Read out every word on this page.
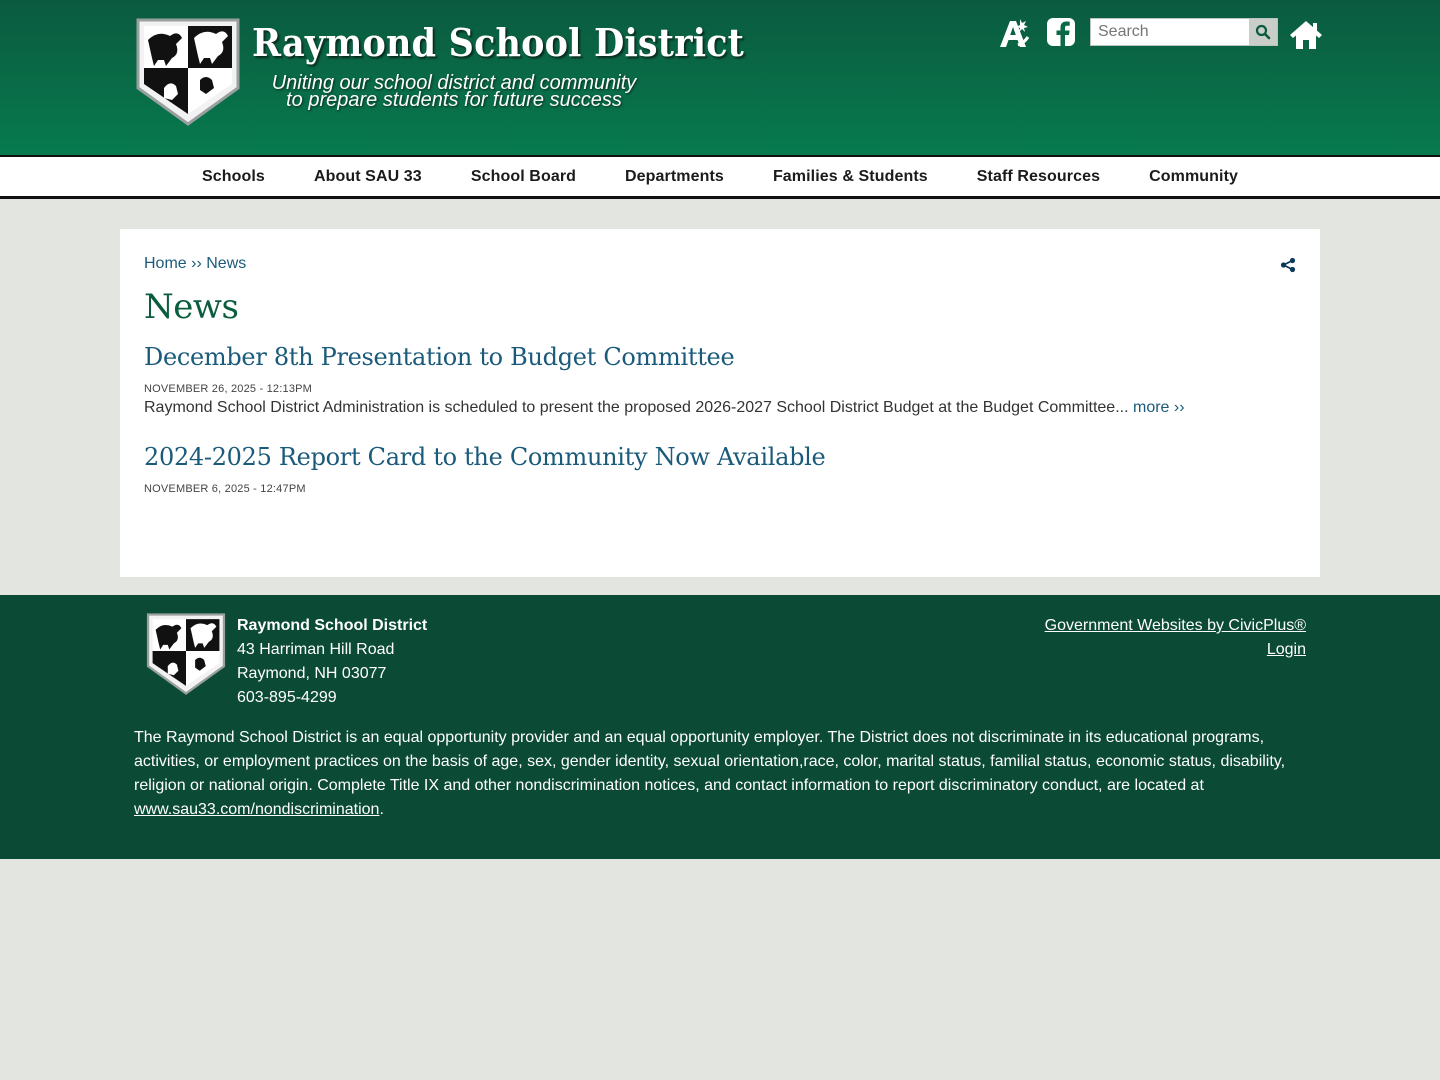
Raymond School District
Uniting our school district and community
to prepare students for future success
Search
Schools	About SAU 33	School Board	Departments	Families & Students	Staff Resources	Community
Home ›› News
News
December 8th Presentation to Budget Committee
NOVEMBER 26, 2025 - 12:13PM
Raymond School District Administration is scheduled to present the proposed 2026-2027 School District Budget at the Budget Committee... more ››
2024-2025 Report Card to the Community Now Available
NOVEMBER 6, 2025 - 12:47PM
Raymond School District
43 Harriman Hill Road
Raymond, NH 03077
603-895-4299
Government Websites by CivicPlus®
Login
The Raymond School District is an equal opportunity provider and an equal opportunity employer. The District does not discriminate in its educational programs, activities, or employment practices on the basis of age, sex, gender identity, sexual orientation,race, color, marital status, familial status, economic status, disability, religion or national origin. Complete Title IX and other nondiscrimination notices, and contact information to report discriminatory conduct, are located at www.sau33.com/nondiscrimination.
